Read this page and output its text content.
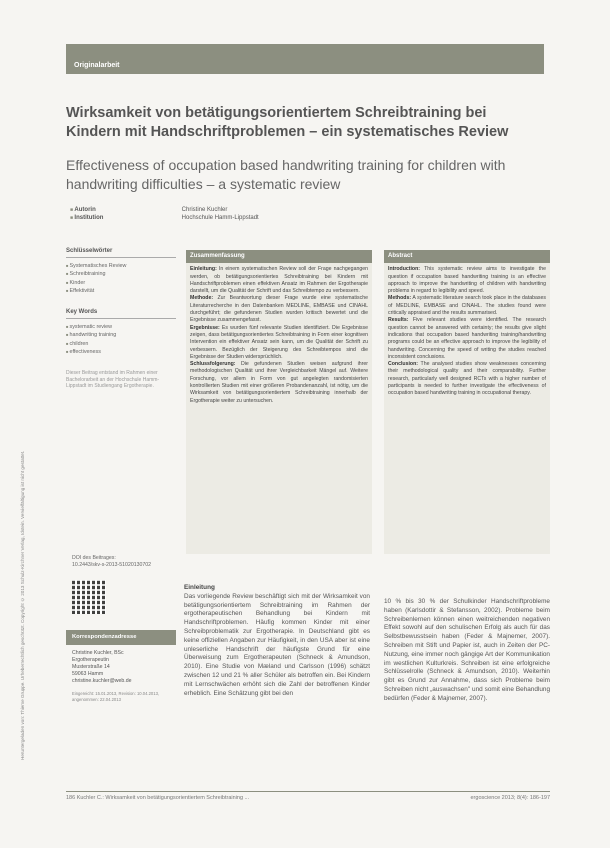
Heruntergeladen von: Thieme Gruppe. Urheberrechtlich geschützt. Copyright © 2013 Schulz-Kirchner Verlag, Idstein. Vervielfältigung ist nicht gestattet.
Originalarbeit
Wirksamkeit von betätigungsorientiertem Schreibtraining bei Kindern mit Handschriftproblemen – ein systematisches Review
Effectiveness of occupation based handwriting training for children with handwriting difficulties – a systematic review
■ Autorin	Christine Kuchler
■ Institution	Hochschule Hamm-Lippstadt
Schlüsselwörter
■ Systematisches Review
■ Schreibtraining
■ Kinder
■ Effektivität
Key Words
■ systematic review
■ handwriting training
■ children
■ effectiveness
Dieser Beitrag entstand im Rahmen einer Bachelorarbeit an der Hochschule Hamm-Lippstadt im Studiengang Ergotherapie.
DOI des Beitrages:
10.2443/skv-s-2013-51020130702
Korrespondenzadresse
Christine Kuchler, BSc
Ergotherapeutin
Musterstraße 14
59063 Hamm
christine.kuchler@web.de
Eingereicht: 15.01.2013, Revision: 10.04.2013, angenommen: 22.04.2013
Zusammenfassung

Einleitung: In einem systematischen Review soll der Frage nachgegangen werden, ob betätigungsorientiertes Schreibtraining bei Kindern mit Handschriftproblemen einen effektiven Ansatz im Rahmen der Ergotherapie darstellt, um die Qualität der Schrift und das Schreibtempo zu verbessern.

Methode: Zur Beantwortung dieser Frage wurde eine systematische Literaturrecherche in den Datenbanken MEDLINE, EMBASE und CINAHL durchgeführt; die gefundenen Studien wurden kritisch bewertet und die Ergebnisse zusammengefasst.

Ergebnisse: Es wurden fünf relevante Studien identifiziert. Die Ergebnisse zeigen, dass betätigungsorientiertes Schreibtraining in Form einer kognitiven Intervention ein effektiver Ansatz sein kann, um die Qualität der Schrift zu verbessern. Bezüglich der Steigerung des Schreibtempos sind die Ergebnisse der Studien widersprüchlich.

Schlussfolgerung: Die gefundenen Studien weisen aufgrund ihrer methodologischen Qualität und ihrer Vergleichbarkeit Mängel auf. Weitere Forschung, vor allem in Form von gut angelegten randomisierten kontrollierten Studien mit einer größeren Probandenanzahl, ist nötig, um die Wirksamkeit von betätigungsorientiertem Schreibtraining innerhalb der Ergotherapie weiter zu untersuchen.

Abstract

Introduction: This systematic review aims to investigate the question if occupation based handwriting training is an effective approach to improve the handwriting of children with handwriting problems in regard to legibility and speed.

Methods: A systematic literature search took place in the databases of MEDLINE, EMBASE and CINAHL. The studies found were critically appraised and the results summarised.

Results: Five relevant studies were identified. The research question cannot be answered with certainty; the results give slight indications that occupation based handwriting training/handwriting programs could be an effective approach to improve the legibility of handwriting. Concerning the speed of writing the studies reached inconsistent conclusions.

Conclusion: The analysed studies show weaknesses concerning their methodological quality and their comparability. Further research, particularly well designed RCTs with a higher number of participants is needed to further investigate the effectiveness of occupation based handwriting training in occupational therapy.

Einleitung
Das vorliegende Review beschäftigt sich mit der Wirksamkeit von betätigungsorientiertem Schreibtraining im Rahmen der ergotherapeutischen Behandlung bei Kindern mit Handschriftproblemen. Häufig kommen Kinder mit einer Schreibproblematik zur Ergotherapie. In Deutschland gibt es keine offiziellen Angaben zur Häufigkeit, in den USA aber ist eine unleserliche Handschrift der häufigste Grund für eine Überweisung zum Ergotherapeuten (Schneck & Amundson, 2010). Eine Studie von Mæland und Carlsson (1996) schätzt zwischen 12 und 21 % aller Schüler als betroffen ein. Bei Kindern mit Lernschwächen erhöht sich die Zahl der betroffenen Kinder erheblich. Eine Schätzung gibt bei den
10 % bis 30 % der Schulkinder Handschriftprobleme haben (Karlsdottir & Stefansson, 2002). Probleme beim Schreibenlernen können einen weitreichenden negativen Effekt sowohl auf den schulischen Erfolg als auch für das Selbstbewusstsein haben (Feder & Majnemer, 2007). Schreiben mit Stift und Papier ist, auch in Zeiten der PC-Nutzung, eine immer noch gängige Art der Kommunikation im westlichen Kulturkreis. Schreiben ist eine erfolgreiche Schlüsselrolle (Schneck & Amundson, 2010). Weiterhin gibt es Grund zur Annahme, dass sich Probleme beim Schreiben nicht „auswachsen" und somit eine Behandlung bedürfen (Feder & Majnemer, 2007).
186 Kuchler C.: Wirksamkeit von betätigungsorientiertem Schreibtraining ...	ergoscience 2013; 8(4): 186-197
